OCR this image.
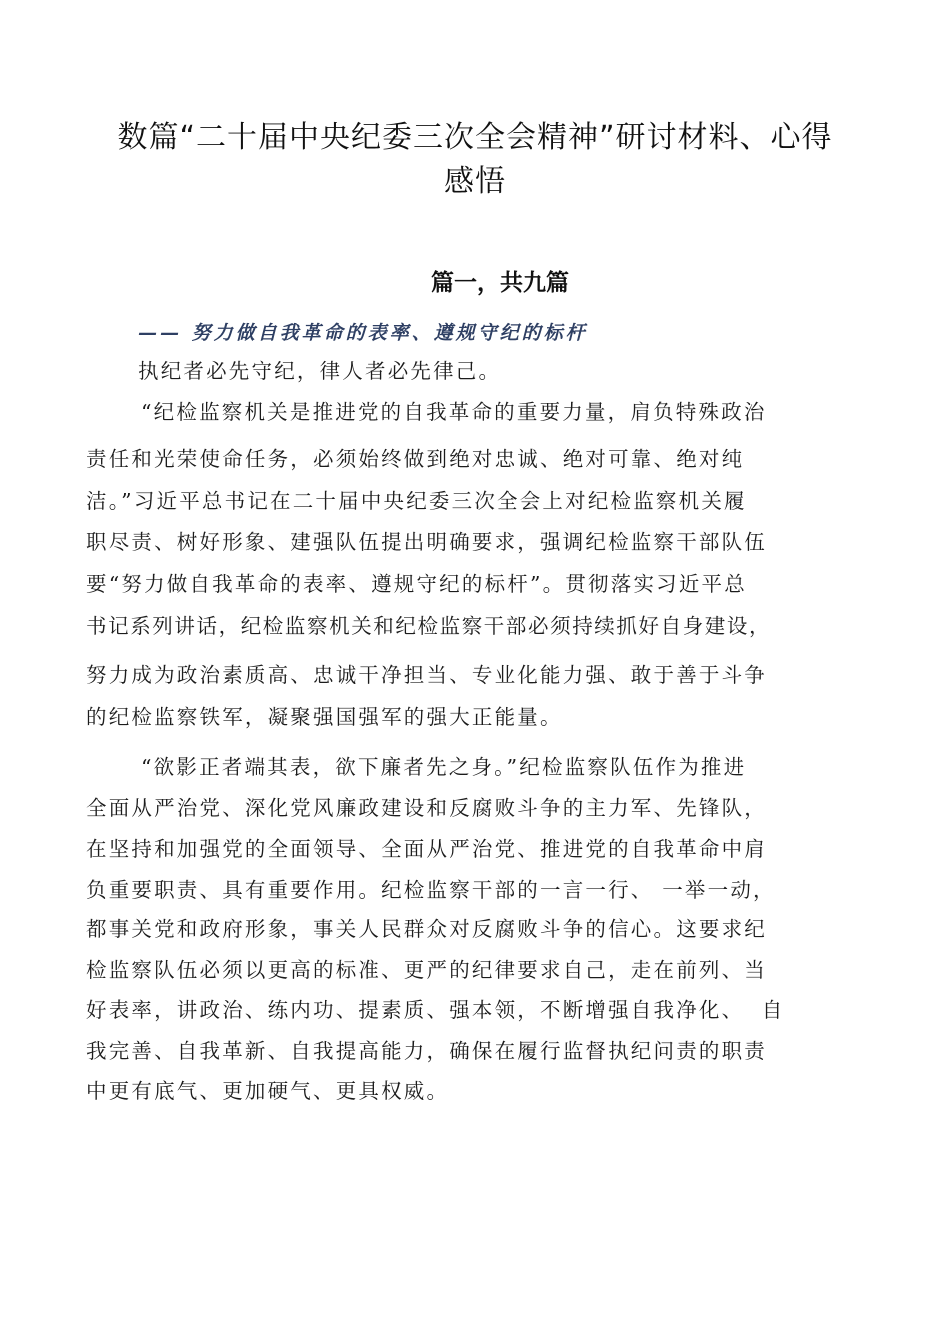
数篇“二十届中央纪委三次全会精神”研讨材料、心得
感悟
篇一，共九篇
—— 努力做自我革命的表率、遵规守纪的标杆
执纪者必先守纪，律人者必先律己。
“纪检监察机关是推进党的自我革命的重要力量，肩负特殊政治
责任和光荣使命任务，必须始终做到绝对忠诚、绝对可靠、绝对纯
洁。”习近平总书记在二十届中央纪委三次全会上对纪检监察机关履
职尽责、树好形象、建强队伍提出明确要求，强调纪检监察干部队伍
要“努力做自我革命的表率、遵规守纪的标杆”。贯彻落实习近平总
书记系列讲话，纪检监察机关和纪检监察干部必须持续抓好自身建设，
努力成为政治素质高、忠诚干净担当、专业化能力强、敢于善于斗争
的纪检监察铁军，凝聚强国强军的强大正能量。
“欲影正者端其表，欲下廉者先之身。”纪检监察队伍作为推进
全面从严治党、深化党风廉政建设和反腐败斗争的主力军、先锋队，
在坚持和加强党的全面领导、全面从严治党、推进党的自我革命中肩
负重要职责、具有重要作用。纪检监察干部的一言一行、 一举一动，
都事关党和政府形象，事关人民群众对反腐败斗争的信心。这要求纪
检监察队伍必须以更高的标准、更严的纪律要求自己，走在前列、当
好表率，讲政治、练内功、提素质、强本领，不断增强自我净化、  自
我完善、自我革新、自我提高能力，确保在履行监督执纪问责的职责
中更有底气、更加硬气、更具权威。
